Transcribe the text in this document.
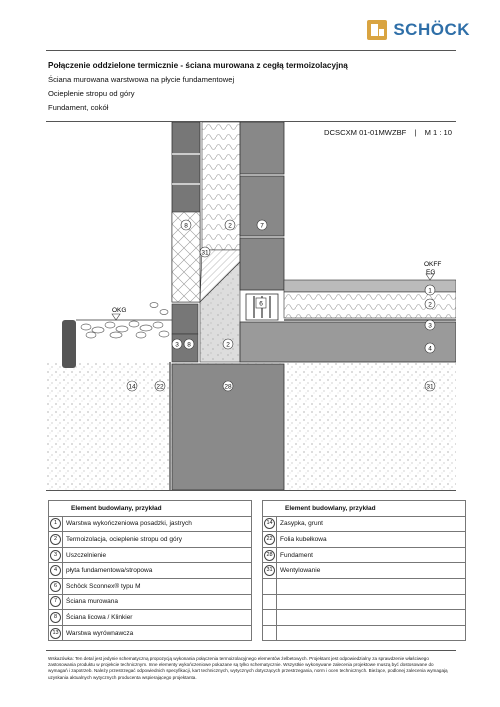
SCHÖCK
Połączenie oddzielone termicznie - ściana murowana z cegłą termoizolacyjną
Ściana murowana warstwowa na płycie fundamentowej
Ocieplenie stropu od góry
Fundament, cokół
DCSCXM 01-01MWZBF | M 1 : 10
OKG
OKFF
EG
8	2	7
31
6
3 8	2
14	22	28	31
1
2
3
4
Element budowlany, przykład			Element budowlany, przykład	
1	Warstwa wykończeniowa posadzki, jastrych		14	Zasypka, grunt
2	Termoizolacja, ocieplenie stropu od góry		22	Folia kubełkowa
3	Uszczelnienie		28	Fundament
4	płyta fundamentowa/stropowa		31	Wentylowanie
6	Schöck Sconnex® typu M			
7	Ściana murowana			
8	Ściana licowa / Klinkier			
13	Warstwa wyrównawcza			
Wskazówka: Ten detal jest jedynie schematyczną propozycją wykonania połączenia termoizolacyjnego elementów żelbetowych. Projektant jest odpowiedzialny za sprawdzenie właściwego zastosowania produktu w projekcie technicznym. Inne elementy wykończeniowe pokazane są tylko schematycznie. Wszystkie wykonywane zalecenia projektowe muszą być dostosowane do wymagań i zapotrzeb. Należy przestrzegać odpowiednich specyfikacji, kart technicznych, wytycznych dotyczących przestrzegania, norm i ocen technicznych. Bieżące, podlonej zalecenia wymagają uzyskania aktualnych wytycznych producenta wspierającego projektanta.
